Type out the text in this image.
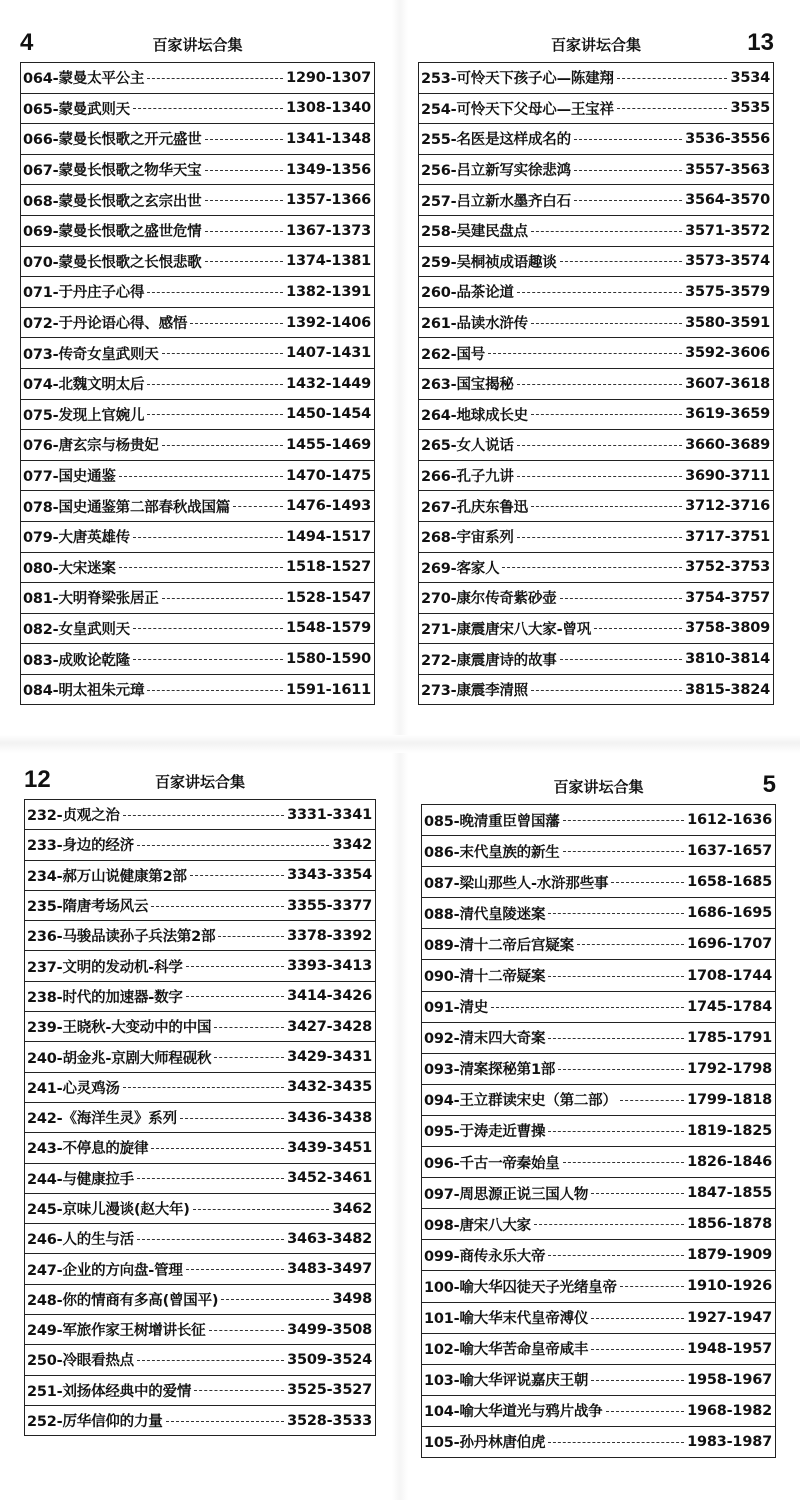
4	百家讲坛合集
064-蒙曼太平公主	1290-1307
065-蒙曼武则天	1308-1340
066-蒙曼长恨歌之开元盛世	1341-1348
067-蒙曼长恨歌之物华天宝	1349-1356
068-蒙曼长恨歌之玄宗出世	1357-1366
069-蒙曼长恨歌之盛世危情	1367-1373
070-蒙曼长恨歌之长恨悲歌	1374-1381
071-于丹庄子心得	1382-1391
072-于丹论语心得、感悟	1392-1406
073-传奇女皇武则天	1407-1431
074-北魏文明太后	1432-1449
075-发现上官婉儿	1450-1454
076-唐玄宗与杨贵妃	1455-1469
077-国史通鉴	1470-1475
078-国史通鉴第二部春秋战国篇	1476-1493
079-大唐英雄传	1494-1517
080-大宋迷案	1518-1527
081-大明脊梁张居正	1528-1547
082-女皇武则天	1548-1579
083-成败论乾隆	1580-1590
084-明太祖朱元璋	1591-1611
百家讲坛合集	13
253-可怜天下孩子心—陈建翔	3534
254-可怜天下父母心—王宝祥	3535
255-名医是这样成名的	3536-3556
256-吕立新写实徐悲鸿	3557-3563
257-吕立新水墨齐白石	3564-3570
258-吴建民盘点	3571-3572
259-吴桐祯成语趣谈	3573-3574
260-品茶论道	3575-3579
261-品读水浒传	3580-3591
262-国号	3592-3606
263-国宝揭秘	3607-3618
264-地球成长史	3619-3659
265-女人说话	3660-3689
266-孔子九讲	3690-3711
267-孔庆东鲁迅	3712-3716
268-宇宙系列	3717-3751
269-客家人	3752-3753
270-康尔传奇紫砂壶	3754-3757
271-康震唐宋八大家-曾巩	3758-3809
272-康震唐诗的故事	3810-3814
273-康震李清照	3815-3824
12	百家讲坛合集
232-贞观之治	3331-3341
233-身边的经济	3342
234-郝万山说健康第2部	3343-3354
235-隋唐考场风云	3355-3377
236-马骏品读孙子兵法第2部	3378-3392
237-文明的发动机-科学	3393-3413
238-时代的加速器-数字	3414-3426
239-王晓秋-大变动中的中国	3427-3428
240-胡金兆-京剧大师程砚秋	3429-3431
241-心灵鸡汤	3432-3435
242-《海洋生灵》系列	3436-3438
243-不停息的旋律	3439-3451
244-与健康拉手	3452-3461
245-京味儿漫谈(赵大年)	3462
246-人的生与活	3463-3482
247-企业的方向盘-管理	3483-3497
248-你的情商有多高(曾国平)	3498
249-军旅作家王树增讲长征	3499-3508
250-冷眼看热点	3509-3524
251-刘扬体经典中的爱情	3525-3527
252-厉华信仰的力量	3528-3533
百家讲坛合集	5
085-晚清重臣曾国藩	1612-1636
086-末代皇族的新生	1637-1657
087-梁山那些人-水浒那些事	1658-1685
088-清代皇陵迷案	1686-1695
089-清十二帝后宫疑案	1696-1707
090-清十二帝疑案	1708-1744
091-清史	1745-1784
092-清末四大奇案	1785-1791
093-清案探秘第1部	1792-1798
094-王立群读宋史（第二部）	1799-1818
095-于涛走近曹操	1819-1825
096-千古一帝秦始皇	1826-1846
097-周思源正说三国人物	1847-1855
098-唐宋八大家	1856-1878
099-商传永乐大帝	1879-1909
100-喻大华囚徒天子光绪皇帝	1910-1926
101-喻大华末代皇帝溥仪	1927-1947
102-喻大华苦命皇帝咸丰	1948-1957
103-喻大华评说嘉庆王朝	1958-1967
104-喻大华道光与鸦片战争	1968-1982
105-孙丹林唐伯虎	1983-1987
